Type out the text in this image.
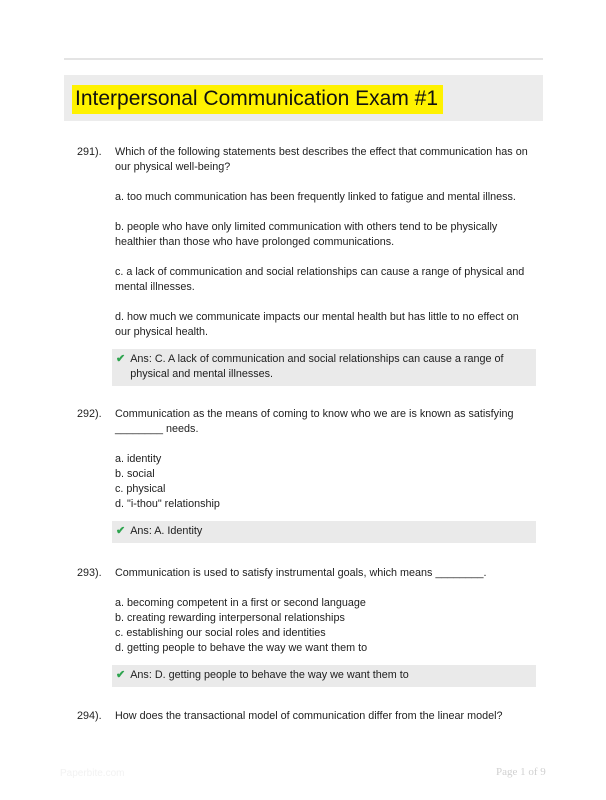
Interpersonal Communication Exam #1
291). Which of the following statements best describes the effect that communication has on our physical well-being?

a. too much communication has been frequently linked to fatigue and mental illness.

b. people who have only limited communication with others tend to be physically healthier than those who have prolonged communications.

c. a lack of communication and social relationships can cause a range of physical and mental illnesses.

d. how much we communicate impacts our mental health but has little to no effect on our physical health.

✔ Ans: C. A lack of communication and social relationships can cause a range of physical and mental illnesses.
292). Communication as the means of coming to know who we are is known as satisfying ________ needs.

a. identity
b. social
c. physical
d. "i-thou" relationship
✔ Ans: A. Identity
293). Communication is used to satisfy instrumental goals, which means ________.

a. becoming competent in a first or second language
b. creating rewarding interpersonal relationships
c. establishing our social roles and identities
d. getting people to behave the way we want them to
✔ Ans: D. getting people to behave the way we want them to
294). How does the transactional model of communication differ from the linear model?

Paperbite.com	Page 1 of 9
